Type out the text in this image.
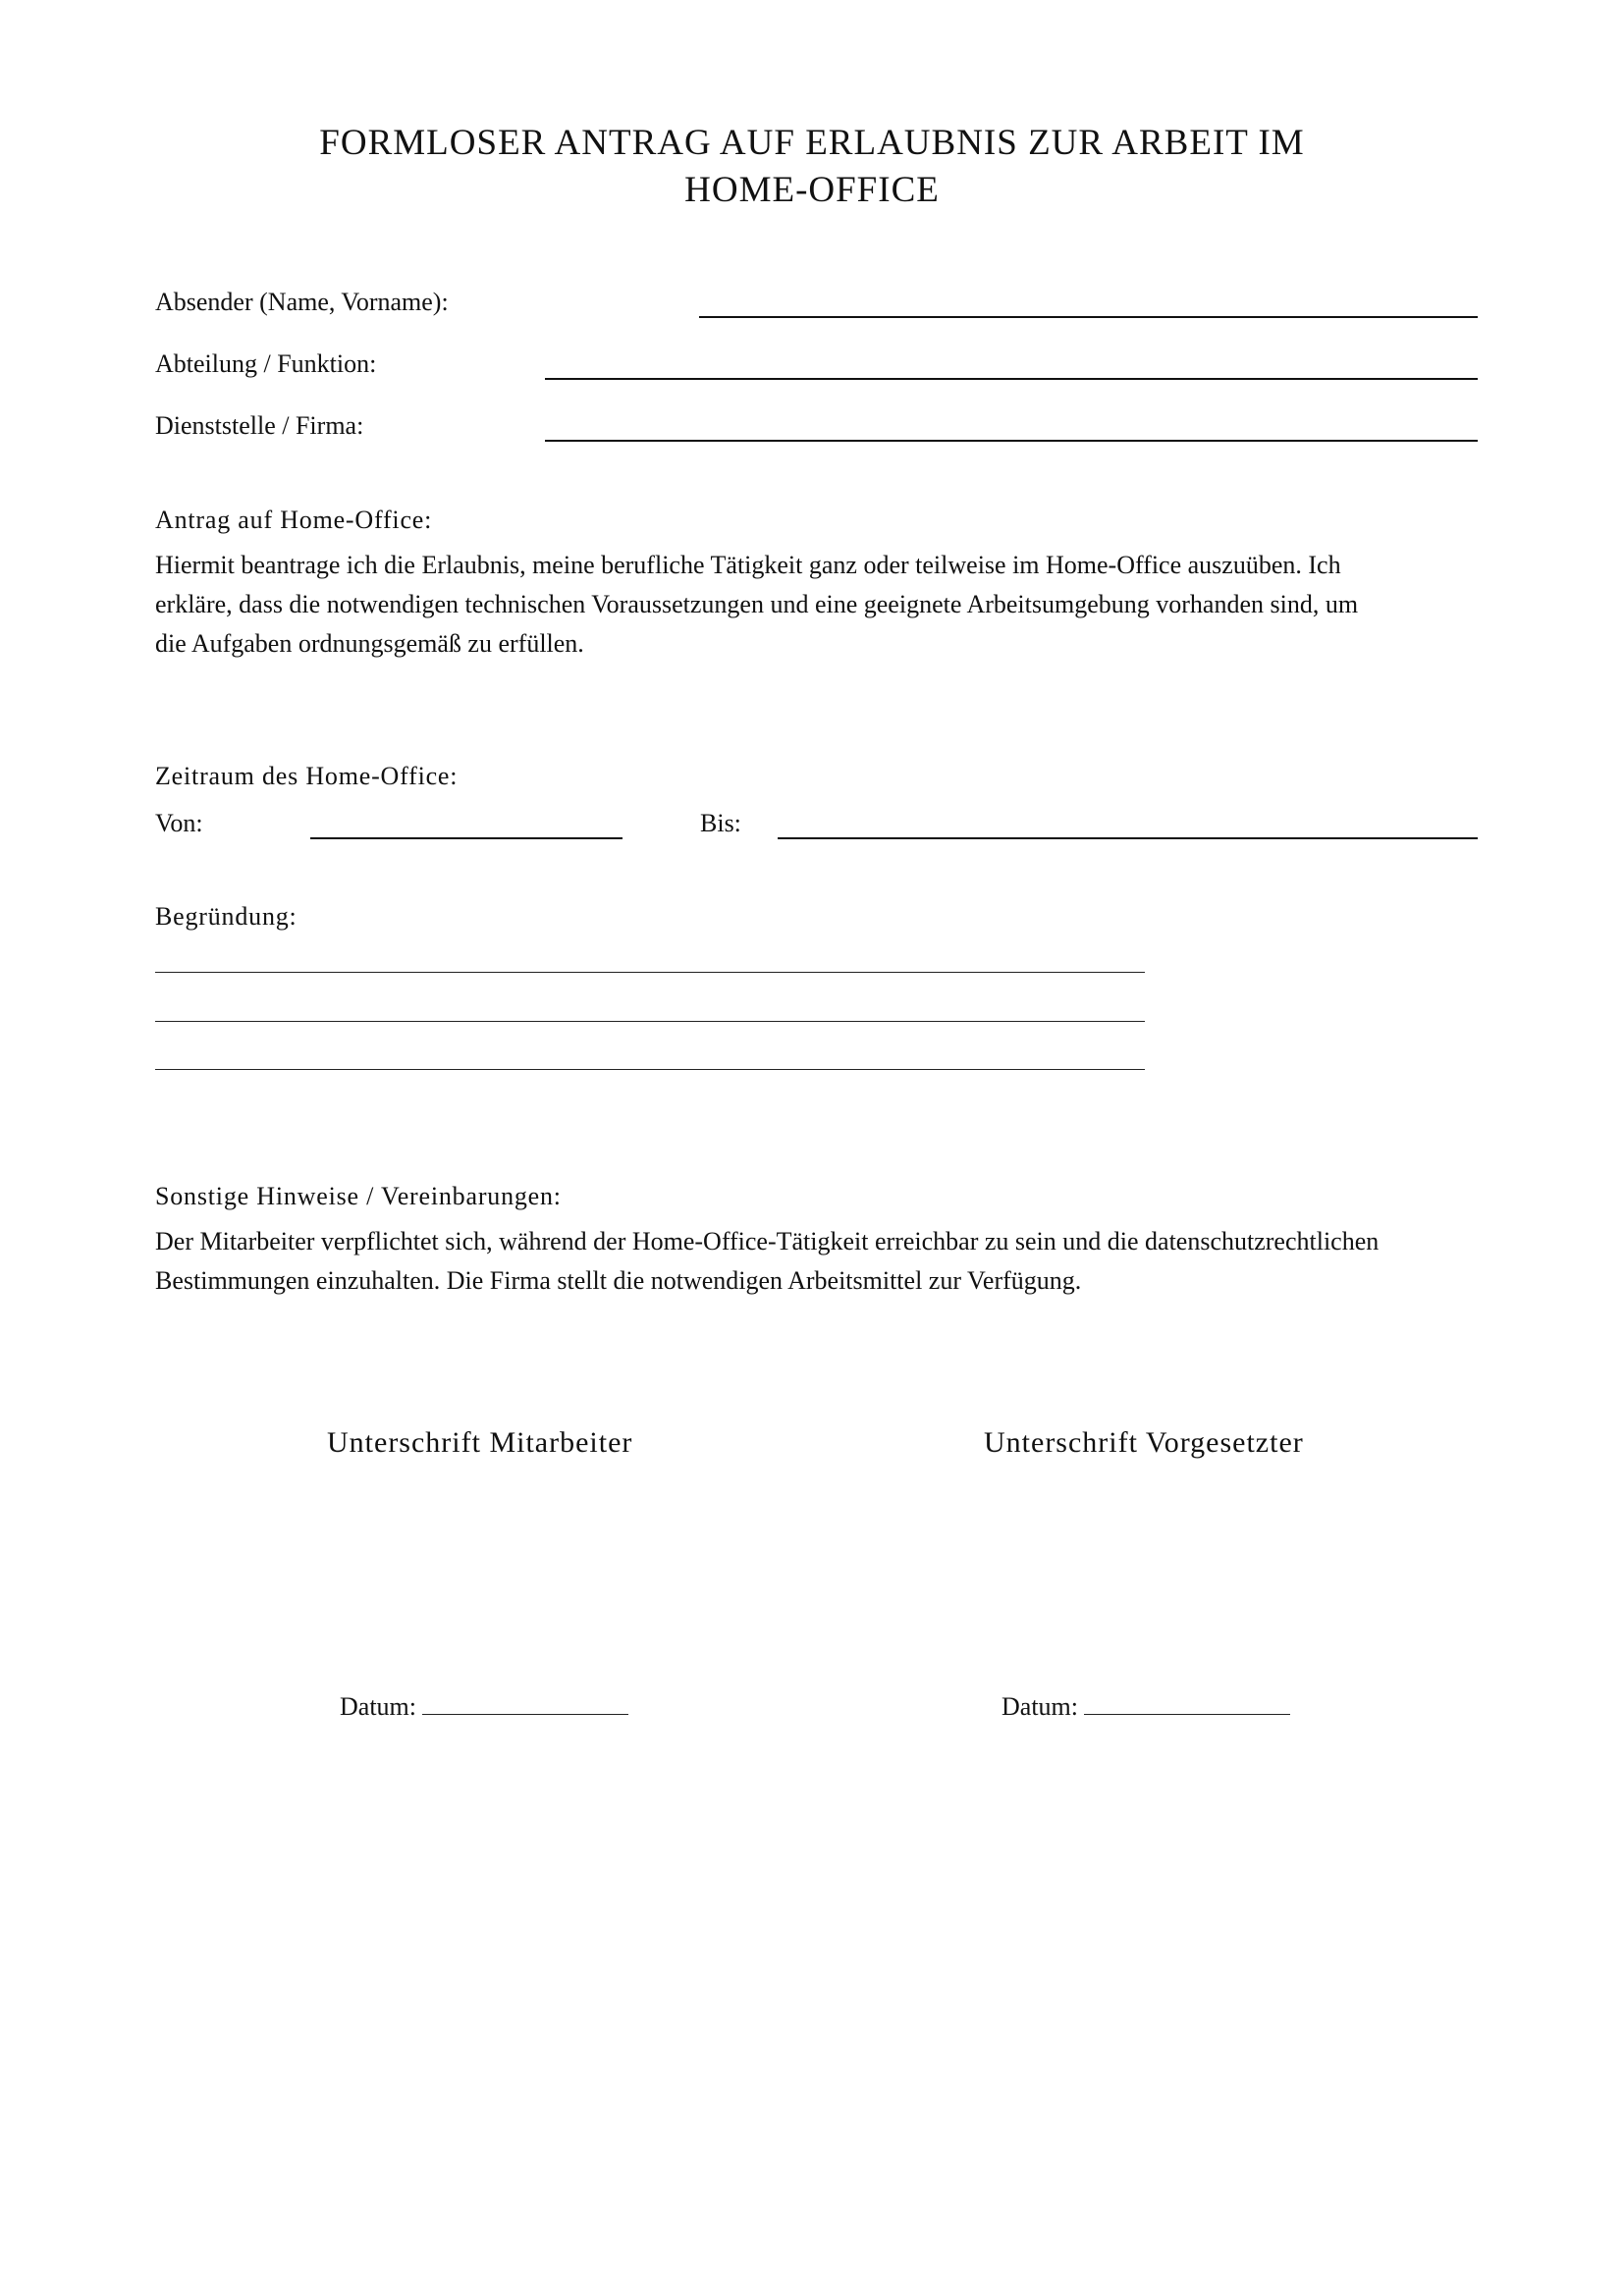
FORMLOSER ANTRAG AUF ERLAUBNIS ZUR ARBEIT IM
HOME-OFFICE
Absender (Name, Vorname):
Abteilung / Funktion:
Dienststelle / Firma:
Antrag auf Home-Office:
Hiermit beantrage ich die Erlaubnis, meine berufliche Tätigkeit ganz oder teilweise im Home-Office auszuüben. Ich
erkläre, dass die notwendigen technischen Voraussetzungen und eine geeignete Arbeitsumgebung vorhanden sind, um
die Aufgaben ordnungsgemäß zu erfüllen.
Zeitraum des Home-Office:
Von:	Bis:
Begründung:
Sonstige Hinweise / Vereinbarungen:
Der Mitarbeiter verpflichtet sich, während der Home-Office-Tätigkeit erreichbar zu sein und die datenschutzrechtlichen
Bestimmungen einzuhalten. Die Firma stellt die notwendigen Arbeitsmittel zur Verfügung.
Unterschrift Mitarbeiter	Unterschrift Vorgesetzter
Datum:	Datum:
